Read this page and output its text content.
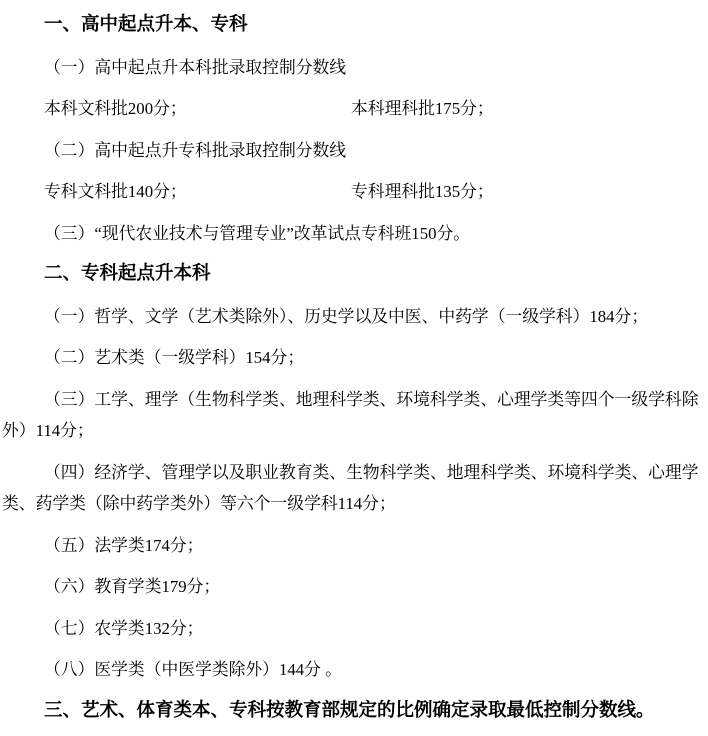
一、高中起点升本、专科

（一）高中起点升本科批录取控制分数线

本科文科批200分；	本科理科批175分；

（二）高中起点升专科批录取控制分数线

专科文科批140分；	专科理科批135分；

（三）“现代农业技术与管理专业”改革试点专科班150分。

二、专科起点升本科

（一）哲学、文学（艺术类除外）、历史学以及中医、中药学（一级学科）184分；

（二）艺术类（一级学科）154分；

（三）工学、理学（生物科学类、地理科学类、环境科学类、心理学类等四个一级学科除
外）114分；

（四）经济学、管理学以及职业教育类、生物科学类、地理科学类、环境科学类、心理学
类、药学类（除中药学类外）等六个一级学科114分；

（五）法学类174分；

（六）教育学类179分；

（七）农学类132分；

（八）医学类（中医学类除外）144分 。

三、艺术、体育类本、专科按教育部规定的比例确定录取最低控制分数线。
